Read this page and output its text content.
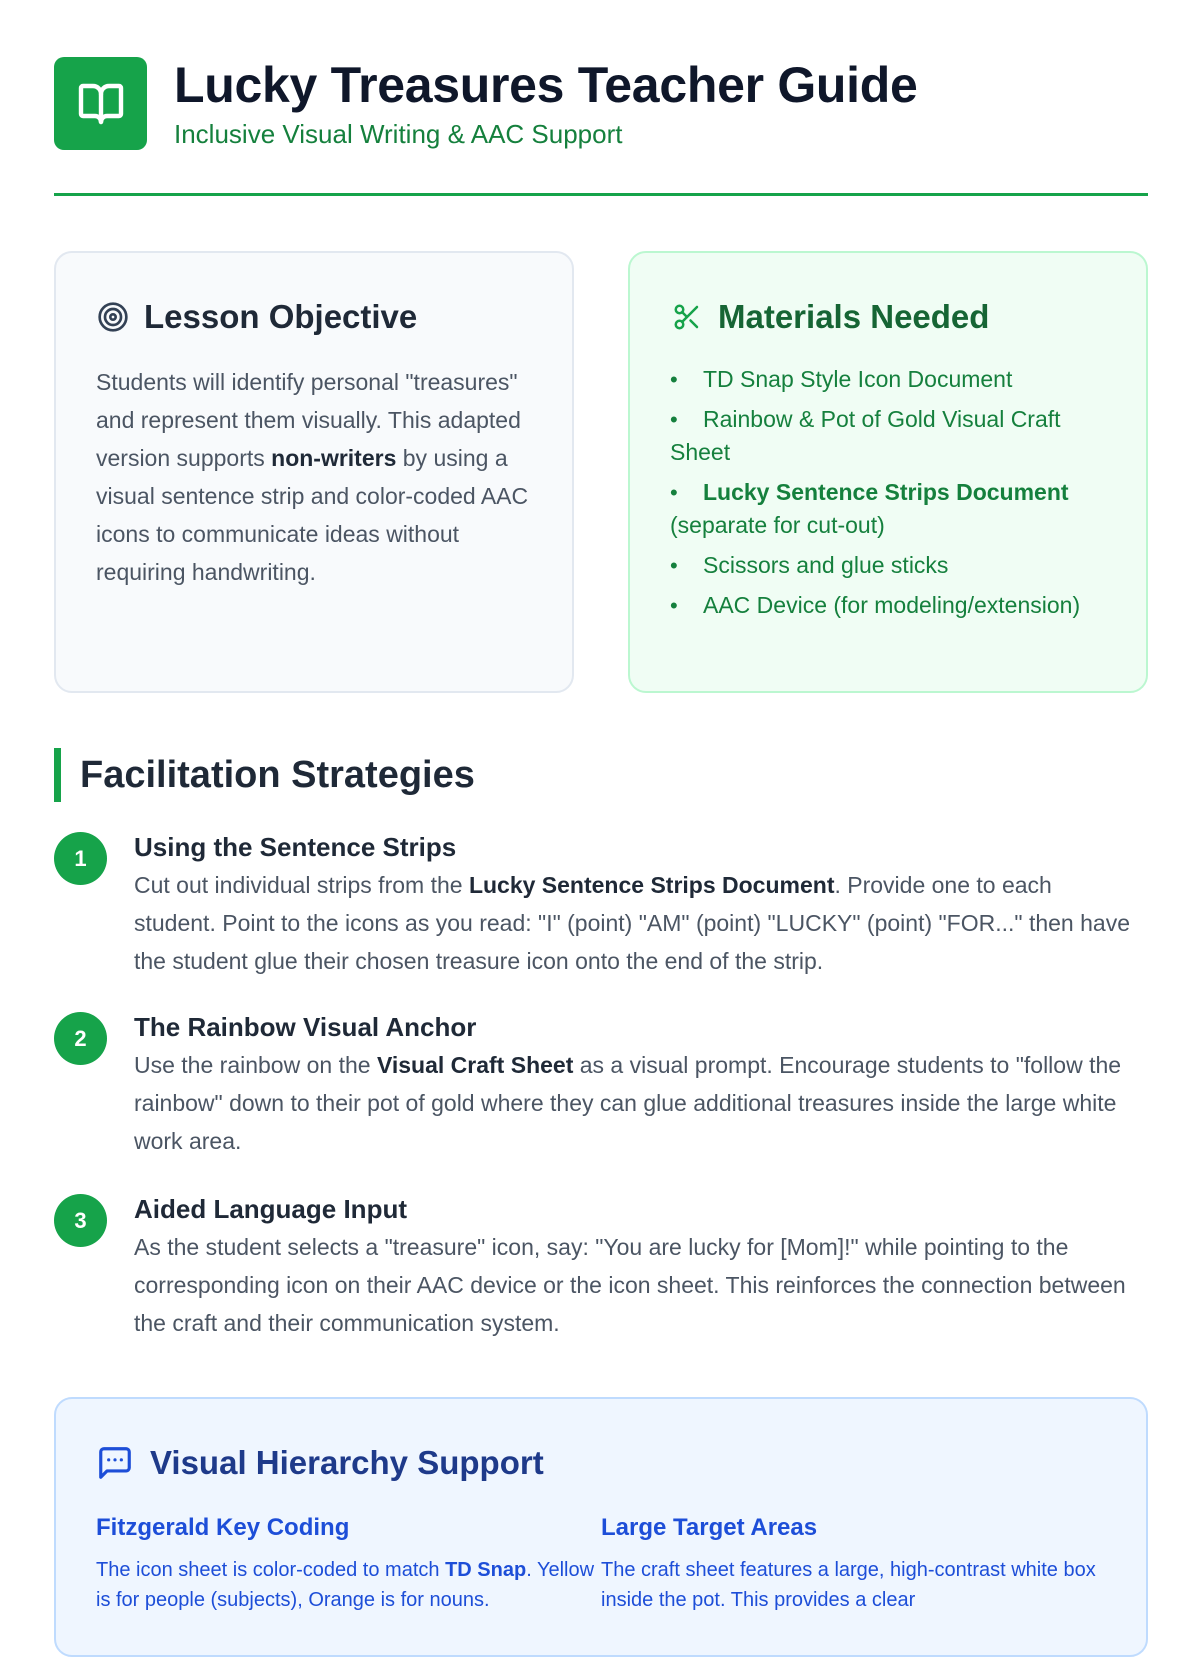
Lucky Treasures Teacher Guide
Inclusive Visual Writing & AAC Support
Lesson Objective
Students will identify personal "treasures" and represent them visually. This adapted version supports non-writers by using a visual sentence strip and color-coded AAC icons to communicate ideas without requiring handwriting.
Materials Needed
• TD Snap Style Icon Document
• Rainbow & Pot of Gold Visual Craft Sheet
• Lucky Sentence Strips Document (separate for cut-out)
• Scissors and glue sticks
• AAC Device (for modeling/extension)
Facilitation Strategies
1	Using the Sentence Strips
Cut out individual strips from the Lucky Sentence Strips Document. Provide one to each student. Point to the icons as you read: "I" (point) "AM" (point) "LUCKY" (point) "FOR..." then have the student glue their chosen treasure icon onto the end of the strip.
2	The Rainbow Visual Anchor
Use the rainbow on the Visual Craft Sheet as a visual prompt. Encourage students to "follow the rainbow" down to their pot of gold where they can glue additional treasures inside the large white work area.
3	Aided Language Input
As the student selects a "treasure" icon, say: "You are lucky for [Mom]!" while pointing to the corresponding icon on their AAC device or the icon sheet. This reinforces the connection between the craft and their communication system.
Visual Hierarchy Support
Fitzgerald Key Coding

The icon sheet is color-coded to match TD Snap. Yellow is for people (subjects), Orange is for nouns.

Large Target Areas

The craft sheet features a large, high-contrast white box inside the pot. This provides a clear
